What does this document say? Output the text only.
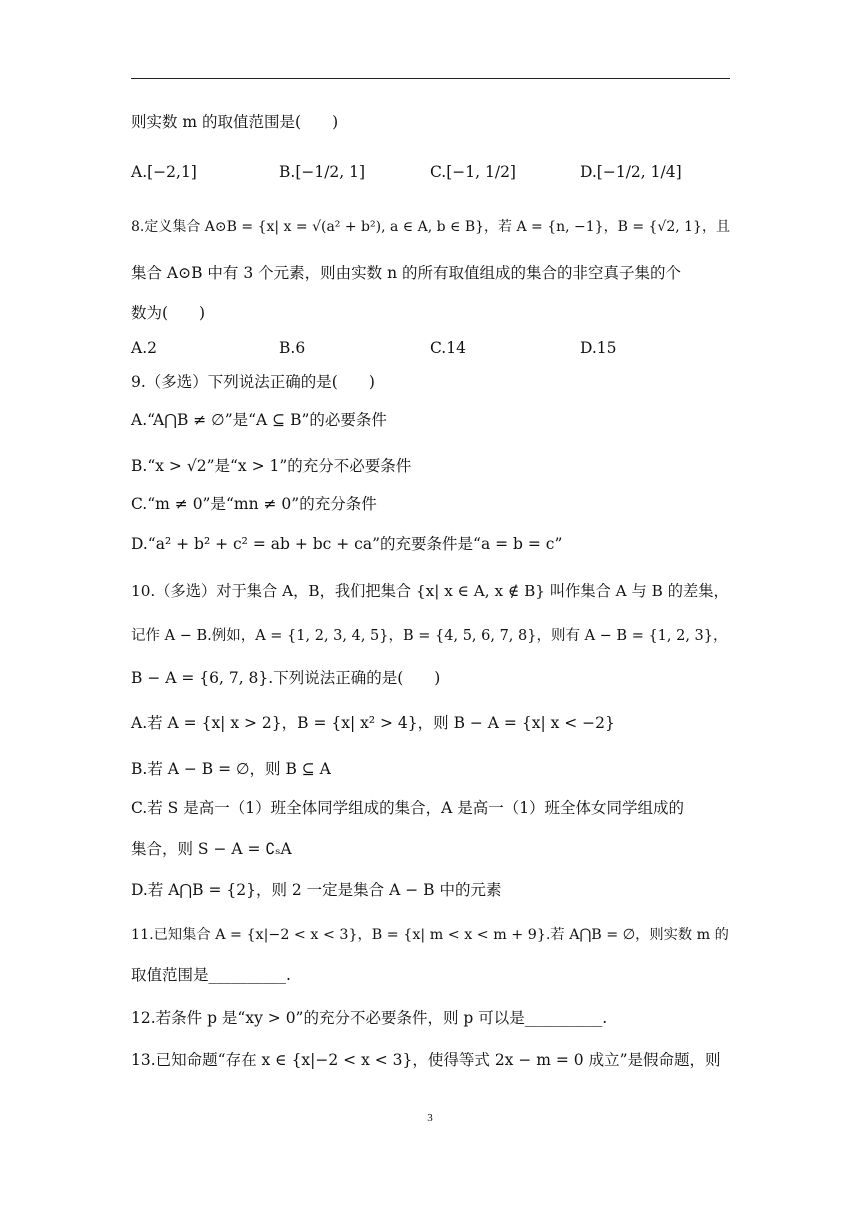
则实数 m 的取值范围是(　　)
A.[−2,1]	B.[−1/2, 1]	C.[−1, 1/2]	D.[−1/2, 1/4]
8.定义集合 A⊙B = {x| x = √(a² + b²), a ∈ A, b ∈ B}，若 A = {n, −1}，B = {√2, 1}，且
集合 A⊙B 中有 3 个元素，则由实数 n 的所有取值组成的集合的非空真子集的个
数为(　　)
A.2	B.6	C.14	D.15
9.（多选）下列说法正确的是(　　)
A.“A⋂B ≠ ∅”是“A ⊆ B”的必要条件
B.“x > √2”是“x > 1”的充分不必要条件
C.“m ≠ 0”是“mn ≠ 0”的充分条件
D.“a² + b² + c² = ab + bc + ca”的充要条件是“a = b = c”
10.（多选）对于集合 A，B，我们把集合 {x| x ∈ A, x ∉ B} 叫作集合 A 与 B 的差集，
记作 A − B.例如，A = {1, 2, 3, 4, 5}，B = {4, 5, 6, 7, 8}，则有 A − B = {1, 2, 3}，
B − A = {6, 7, 8}.下列说法正确的是(　　)
A.若 A = {x| x > 2}，B = {x| x² > 4}，则 B − A = {x| x < −2}
B.若 A − B = ∅，则 B ⊆ A
C.若 S 是高一（1）班全体同学组成的集合，A 是高一（1）班全体女同学组成的
集合，则 S − A = ∁ₛA
D.若 A⋂B = {2}，则 2 一定是集合 A − B 中的元素
11.已知集合 A = {x|−2 < x < 3}，B = {x| m < x < m + 9}.若 A⋂B = ∅，则实数 m 的
取值范围是__________.
12.若条件 p 是“xy > 0”的充分不必要条件，则 p 可以是__________.
13.已知命题“存在 x ∈ {x|−2 < x < 3}，使得等式 2x − m = 0 成立”是假命题，则
3
